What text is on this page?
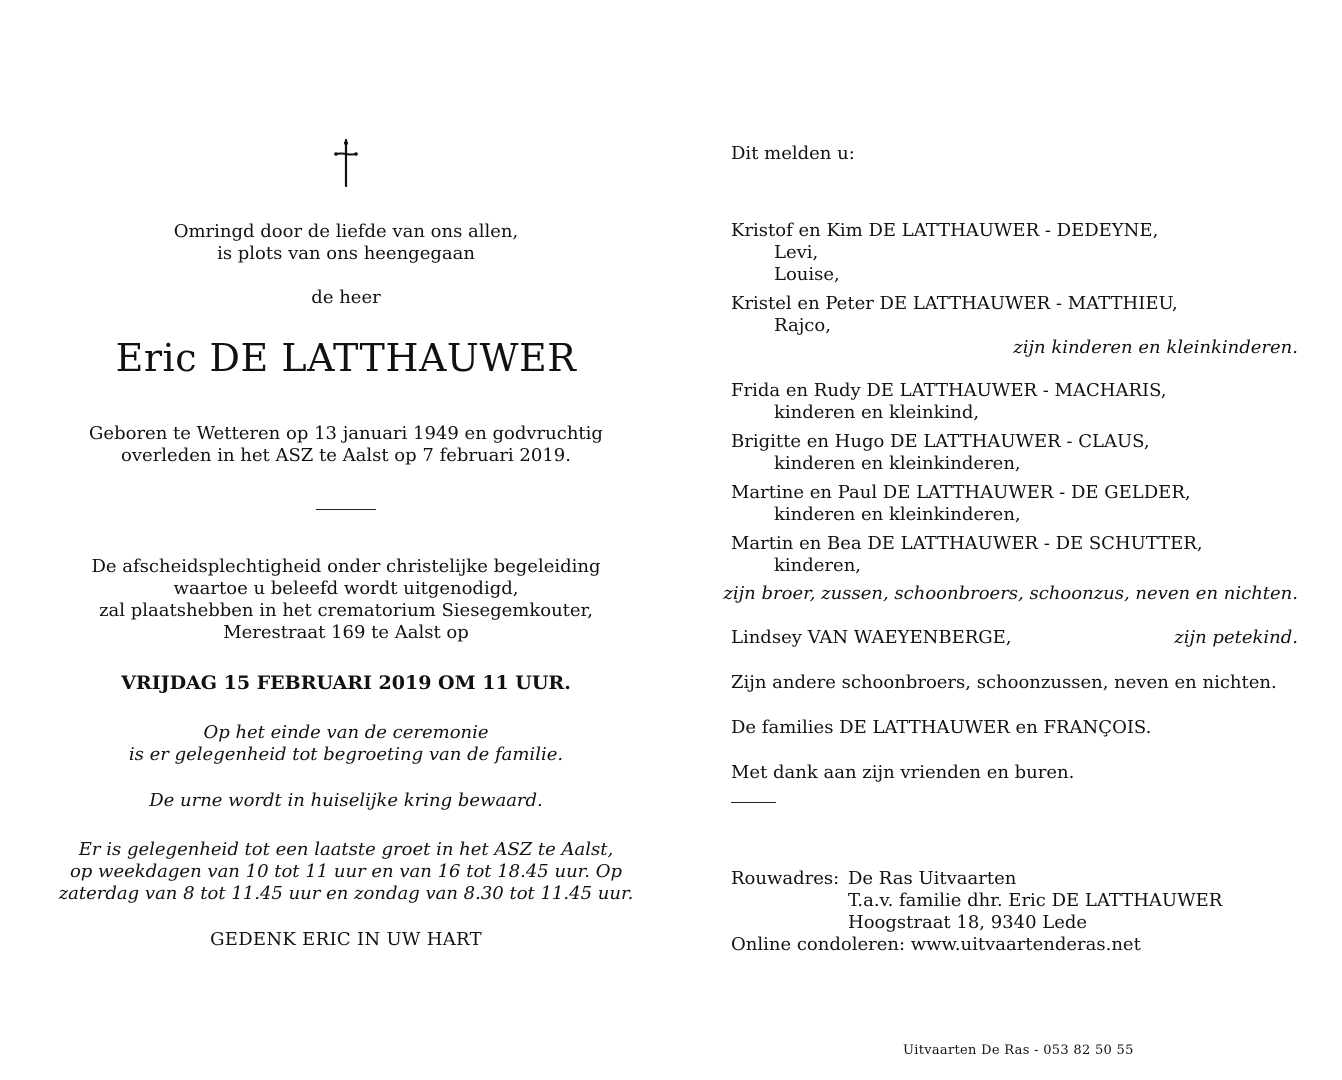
Omringd door de liefde van ons allen,
is plots van ons heengegaan
de heer
Eric DE LATTHAUWER
Geboren te Wetteren op 13 januari 1949 en godvruchtig
overleden in het ASZ te Aalst op 7 februari 2019.
De afscheidsplechtigheid onder christelijke begeleiding
waartoe u beleefd wordt uitgenodigd,
zal plaatshebben in het crematorium Siesegemkouter,
Merestraat 169 te Aalst op
VRIJDAG 15 FEBRUARI 2019 OM 11 UUR.
Op het einde van de ceremonie
is er gelegenheid tot begroeting van de familie.
De urne wordt in huiselijke kring bewaard.
Er is gelegenheid tot een laatste groet in het ASZ te Aalst,
op weekdagen van 10 tot 11 uur en van 16 tot 18.45 uur. Op
zaterdag van 8 tot 11.45 uur en zondag van 8.30 tot 11.45 uur.
GEDENK ERIC IN UW HART
Dit melden u:
Kristof en Kim DE LATTHAUWER - DEDEYNE,
Levi,
Louise,
Kristel en Peter DE LATTHAUWER - MATTHIEU,
Rajco,
zijn kinderen en kleinkinderen.
Frida en Rudy DE LATTHAUWER - MACHARIS,
kinderen en kleinkind,
Brigitte en Hugo DE LATTHAUWER - CLAUS,
kinderen en kleinkinderen,
Martine en Paul DE LATTHAUWER - DE GELDER,
kinderen en kleinkinderen,
Martin en Bea DE LATTHAUWER - DE SCHUTTER,
kinderen,
zijn broer, zussen, schoonbroers, schoonzus, neven en nichten.
Lindsey VAN WAEYENBERGE,	zijn petekind.
Zijn andere schoonbroers, schoonzussen, neven en nichten.
De families DE LATTHAUWER en FRANÇOIS.
Met dank aan zijn vrienden en buren.
Rouwadres: De Ras Uitvaarten
T.a.v. familie dhr. Eric DE LATTHAUWER
Hoogstraat 18, 9340 Lede
Online condoleren: www.uitvaartenderas.net
Uitvaarten De Ras - 053 82 50 55
